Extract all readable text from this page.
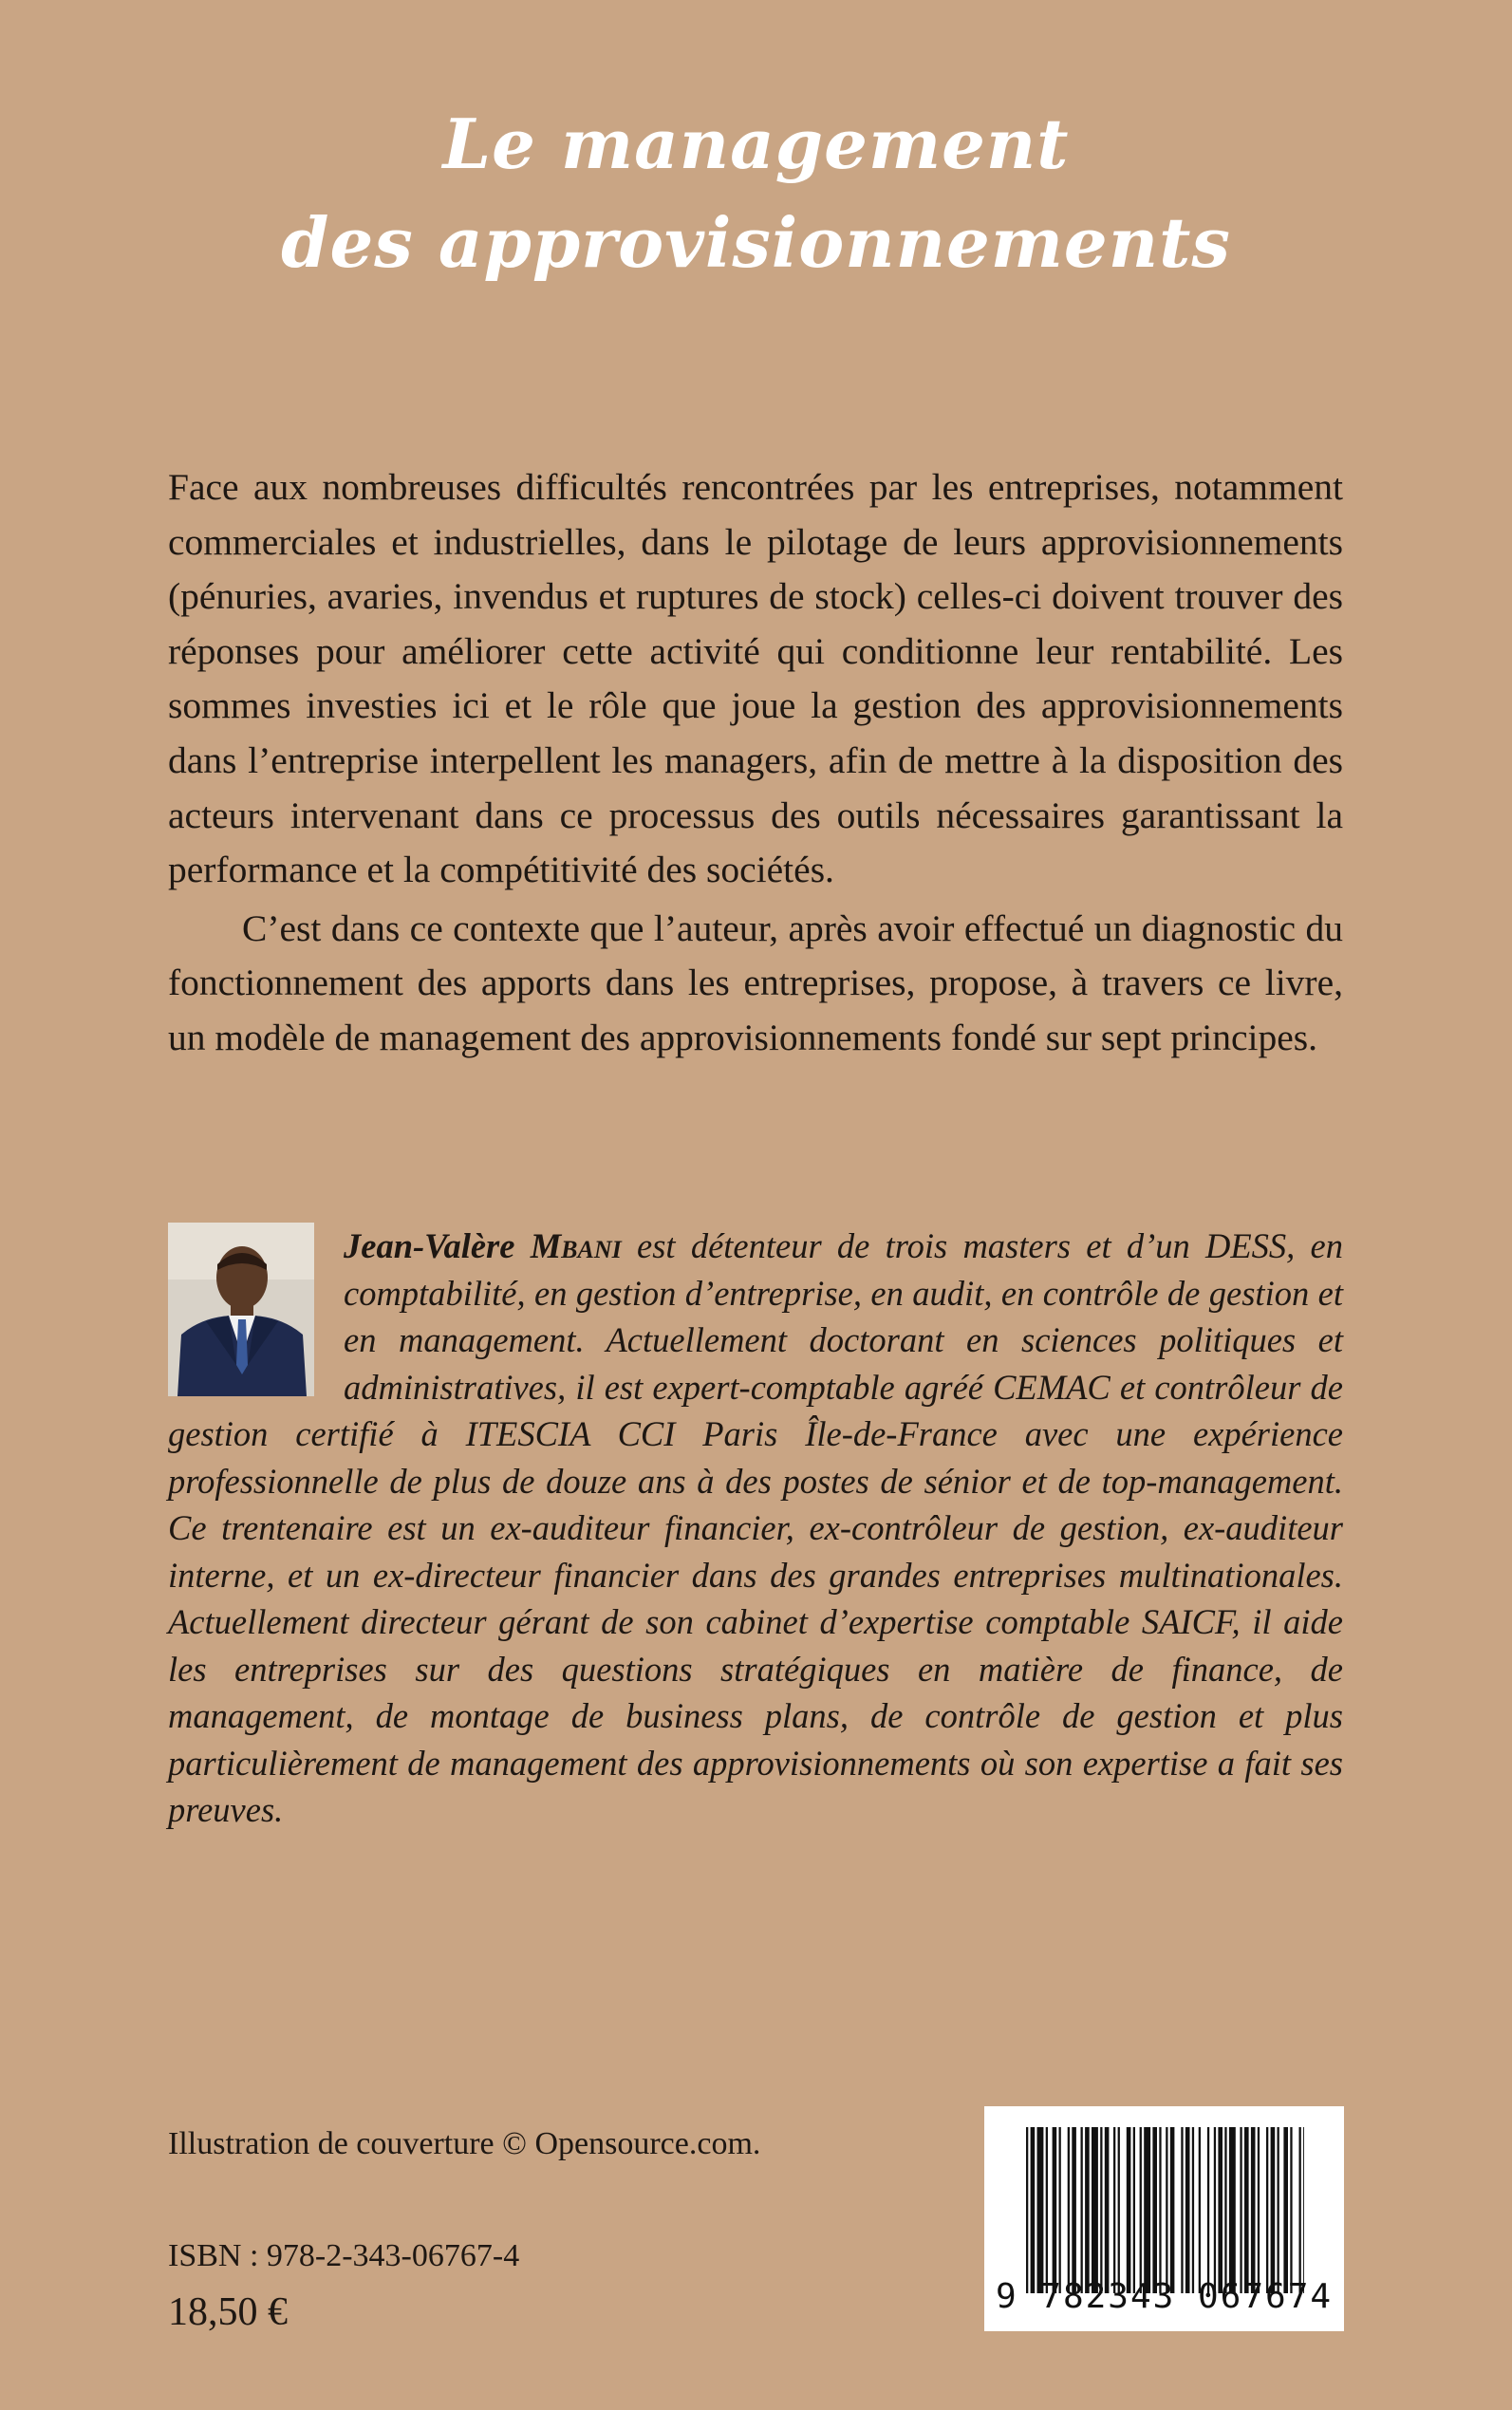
Le management
des approvisionnements

Face aux nombreuses difficultés rencontrées par les entreprises, notamment commerciales et industrielles, dans le pilotage de leurs approvisionnements (pénuries, avaries, invendus et ruptures de stock) celles-ci doivent trouver des réponses pour améliorer cette activité qui conditionne leur rentabilité. Les sommes investies ici et le rôle que joue la gestion des approvisionnements dans l’entreprise interpellent les managers, afin de mettre à la disposition des acteurs intervenant dans ce processus des outils nécessaires garantissant la performance et la compétitivité des sociétés.

C’est dans ce contexte que l’auteur, après avoir effectué un diagnostic du fonctionnement des apports dans les entreprises, propose, à travers ce livre, un modèle de management des approvisionnements fondé sur sept principes.

Jean-Valère Mbani est détenteur de trois masters et d’un DESS, en comptabilité, en gestion d’entreprise, en audit, en contrôle de gestion et en management. Actuellement doctorant en sciences politiques et administratives, il est expert-comptable agréé CEMAC et contrôleur de gestion certifié à ITESCIA CCI Paris Île-de-France avec une expérience professionnelle de plus de douze ans à des postes de sénior et de top-management. Ce trentenaire est un ex-auditeur financier, ex-contrôleur de gestion, ex-auditeur interne, et un ex-directeur financier dans des grandes entreprises multinationales. Actuellement directeur gérant de son cabinet d’expertise comptable SAICF, il aide les entreprises sur des questions stratégiques en matière de finance, de management, de montage de business plans, de contrôle de gestion et plus particulièrement de management des approvisionnements où son expertise a fait ses preuves.
Illustration de couverture © Opensource.com.
ISBN : 978-2-343-06767-4
18,50 €	9 782343 067674
